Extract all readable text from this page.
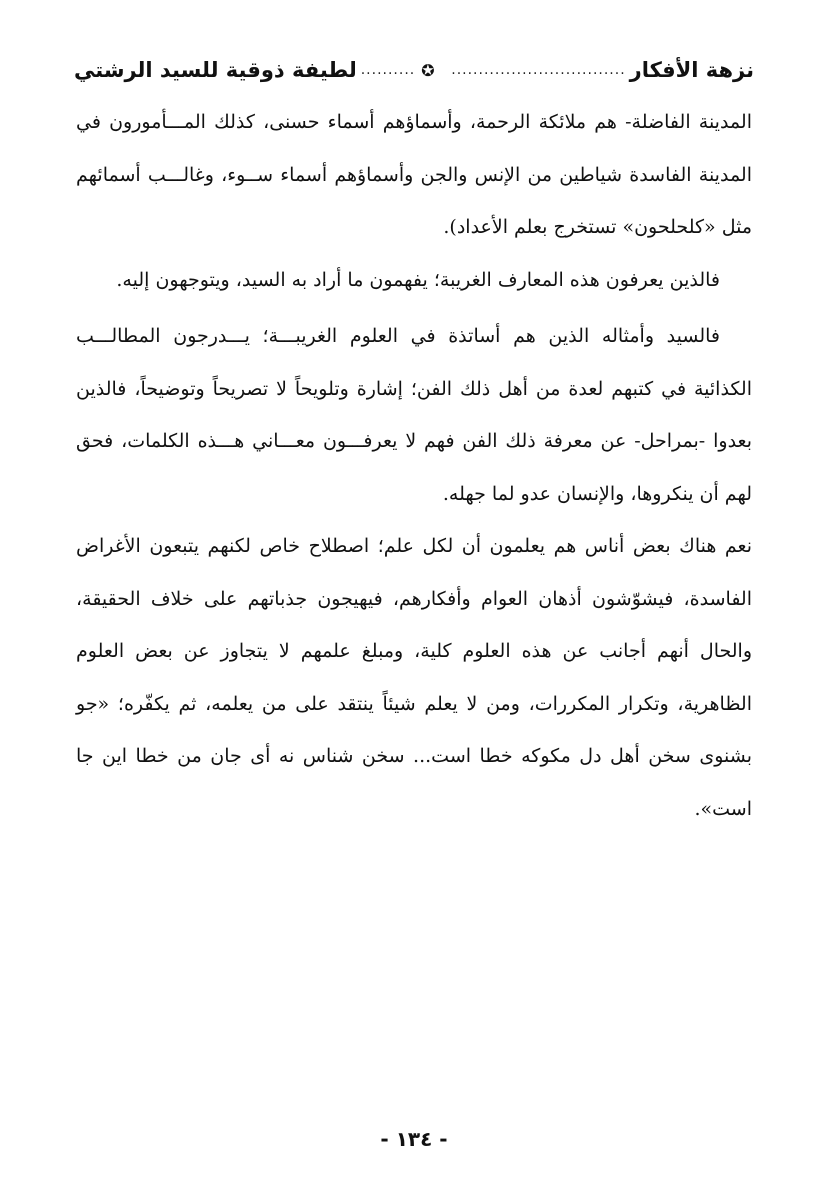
نزهة الأفكار
................................
✪
..........
لطيفة ذوقية للسيد الرشتي

المدينة الفاضلة- هم ملائكة الرحمة، وأسماؤهم أسماء حسنى، كذلك المـــأمورون في المدينة الفاسدة شياطين من الإنس والجن وأسماؤهم أسماء ســوء، وغالـــب أسمائهم مثل «كلحلحون» تستخرج بعلم الأعداد).

فالذين يعرفون هذه المعارف الغريبة؛ يفهمون ما أراد به السيد، ويتوجهون إليه.

فالسيد وأمثاله الذين هم أساتذة في العلوم الغريبـــة؛ يـــدرجون المطالـــب الكذائية في كتبهم لعدة من أهل ذلك الفن؛ إشارة وتلويحاً لا تصريحاً وتوضيحاً، فالذين بعدوا -بمراحل- عن معرفة ذلك الفن فهم لا يعرفـــون معـــاني هـــذه الكلمات، فحق لهم أن ينكروها، والإنسان عدو لما جهله.

نعم هناك بعض أناس هم يعلمون أن لكل علم؛ اصطلاح خاص لكنهم يتبعون الأغراض الفاسدة، فيشوّشون أذهان العوام وأفكارهم، فيهيجون جذباتهم على خلاف الحقيقة، والحال أنهم أجانب عن هذه العلوم كلية، ومبلغ علمهم لا يتجاوز عن بعض العلوم الظاهرية، وتكرار المكررات، ومن لا يعلم شيئاً ينتقد على من يعلمه، ثم يكفّره؛ «جو بشنوى سخن أهل دل مكوكه خطا است... سخن شناس نه أى جان من خطا اين جا است».

- ١٣٤ -
